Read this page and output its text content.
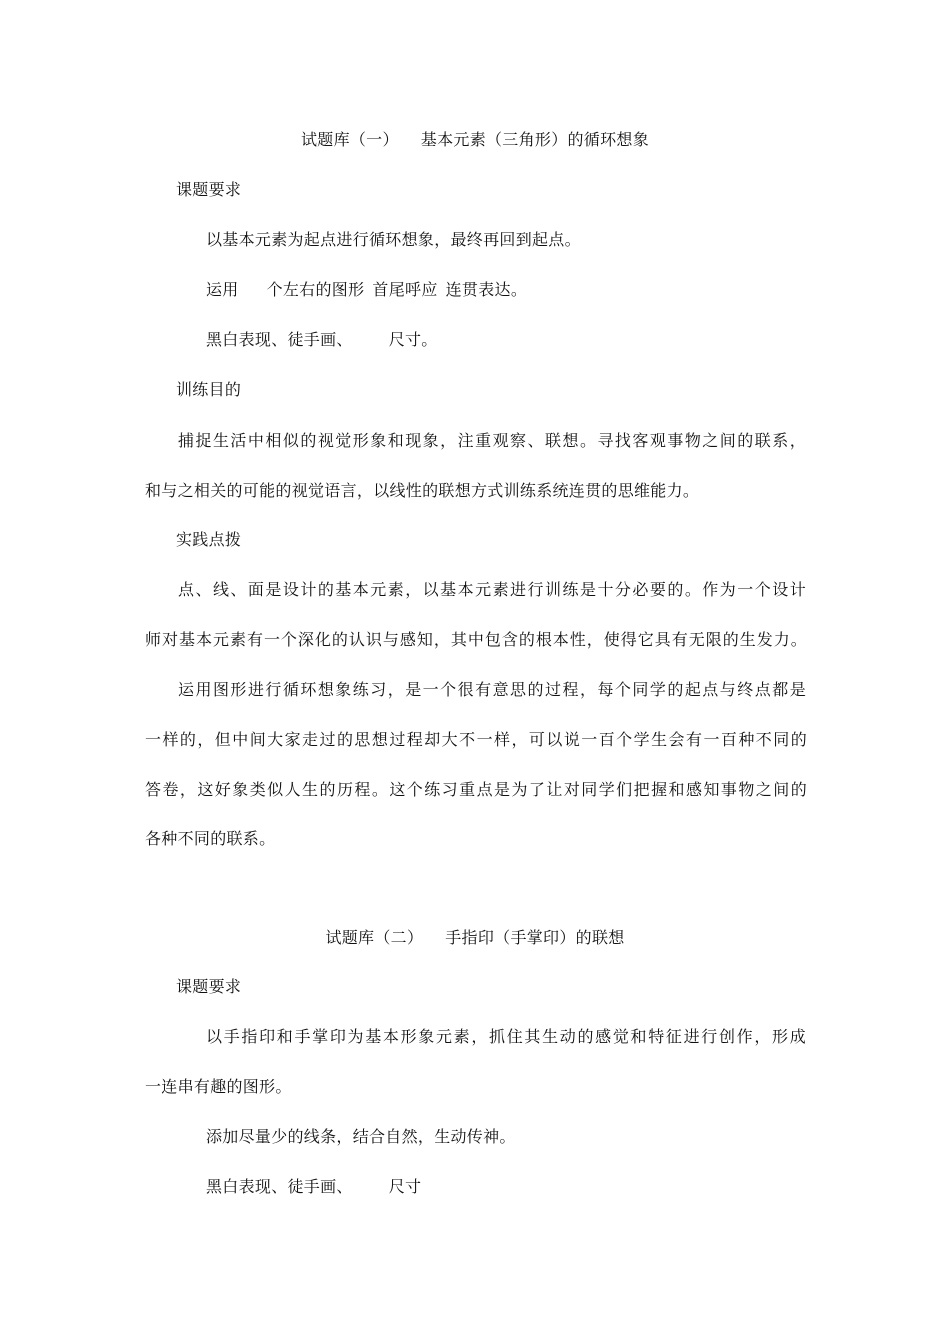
试题库（一） 基本元素（三角形）的循环想象
课题要求
以基本元素为起点进行循环想象，最终再回到起点。
运用 个左右的图形 首尾呼应 连贯表达。
黑白表现、徒手画、 尺寸。
训练目的
捕捉生活中相似的视觉形象和现象，注重观察、联想。寻找客观事物之间的联系，
和与之相关的可能的视觉语言，以线性的联想方式训练系统连贯的思维能力。
实践点拨
点、线、面是设计的基本元素，以基本元素进行训练是十分必要的。作为一个设计
师对基本元素有一个深化的认识与感知，其中包含的根本性，使得它具有无限的生发力。
运用图形进行循环想象练习，是一个很有意思的过程，每个同学的起点与终点都是
一样的，但中间大家走过的思想过程却大不一样，可以说一百个学生会有一百种不同的
答卷，这好象类似人生的历程。这个练习重点是为了让对同学们把握和感知事物之间的
各种不同的联系。
试题库（二） 手指印（手掌印）的联想
课题要求
以手指印和手掌印为基本形象元素，抓住其生动的感觉和特征进行创作，形成
一连串有趣的图形。
添加尽量少的线条，结合自然，生动传神。
黑白表现、徒手画、 尺寸
